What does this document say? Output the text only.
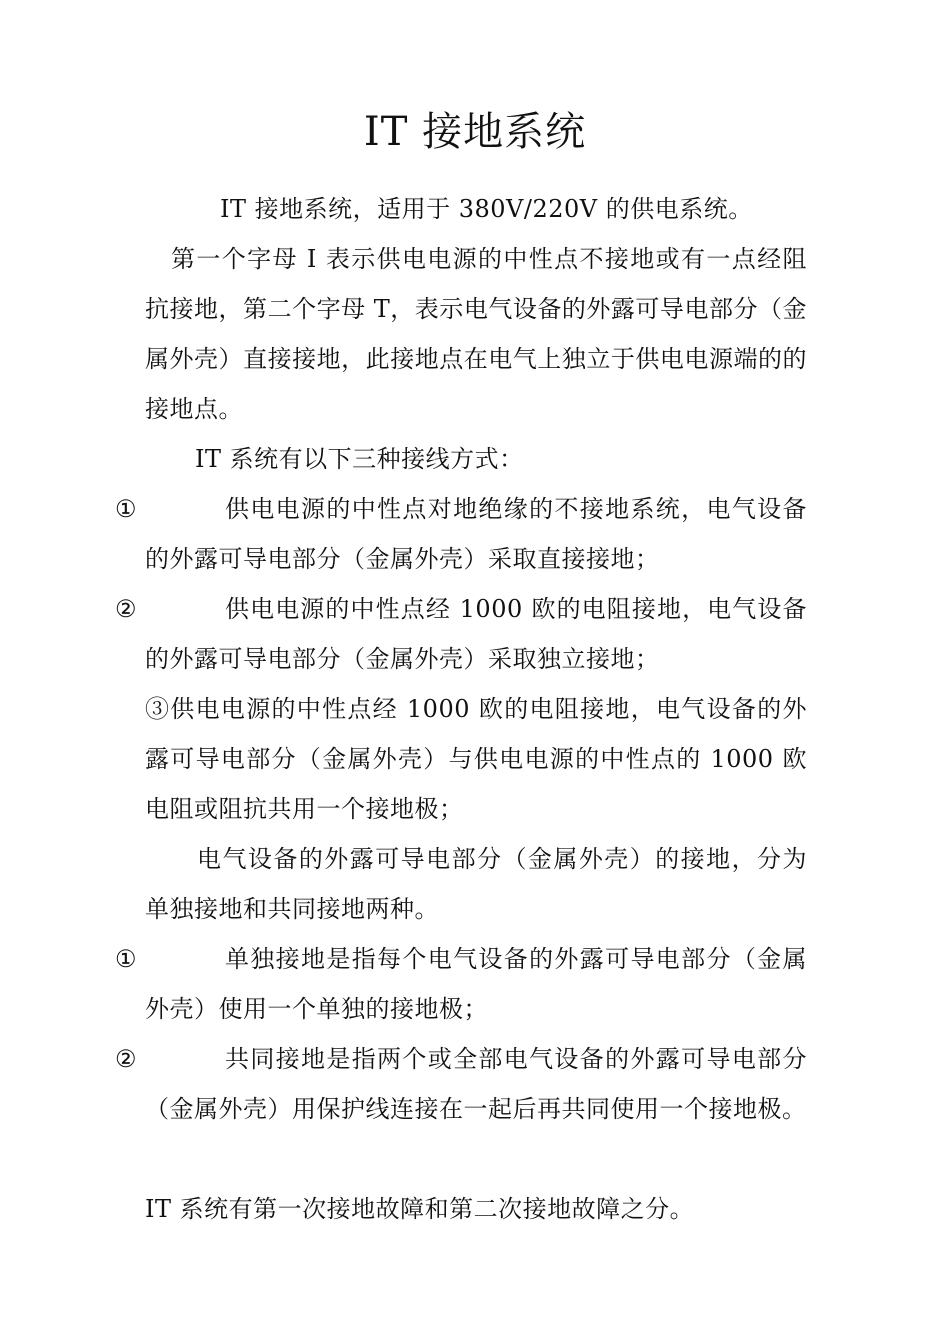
IT 接地系统

IT 接地系统，适用于 380V/220V 的供电系统。

第一个字母 I 表示供电电源的中性点不接地或有一点经阻抗接地，第二个字母 T，表示电气设备的外露可导电部分（金属外壳）直接接地，此接地点在电气上独立于供电电源端的的接地点。

IT 系统有以下三种接线方式：

①	供电电源的中性点对地绝缘的不接地系统，电气设备的外露可导电部分（金属外壳）采取直接接地；
②	供电电源的中性点经 1000 欧的电阻接地，电气设备的外露可导电部分（金属外壳）采取独立接地；

③供电电源的中性点经 1000 欧的电阻接地，电气设备的外露可导电部分（金属外壳）与供电电源的中性点的 1000 欧电阻或阻抗共用一个接地极；

电气设备的外露可导电部分（金属外壳）的接地，分为单独接地和共同接地两种。

①	单独接地是指每个电气设备的外露可导电部分（金属外壳）使用一个单独的接地极；
②	共同接地是指两个或全部电气设备的外露可导电部分（金属外壳）用保护线连接在一起后再共同使用一个接地极。

IT 系统有第一次接地故障和第二次接地故障之分。
